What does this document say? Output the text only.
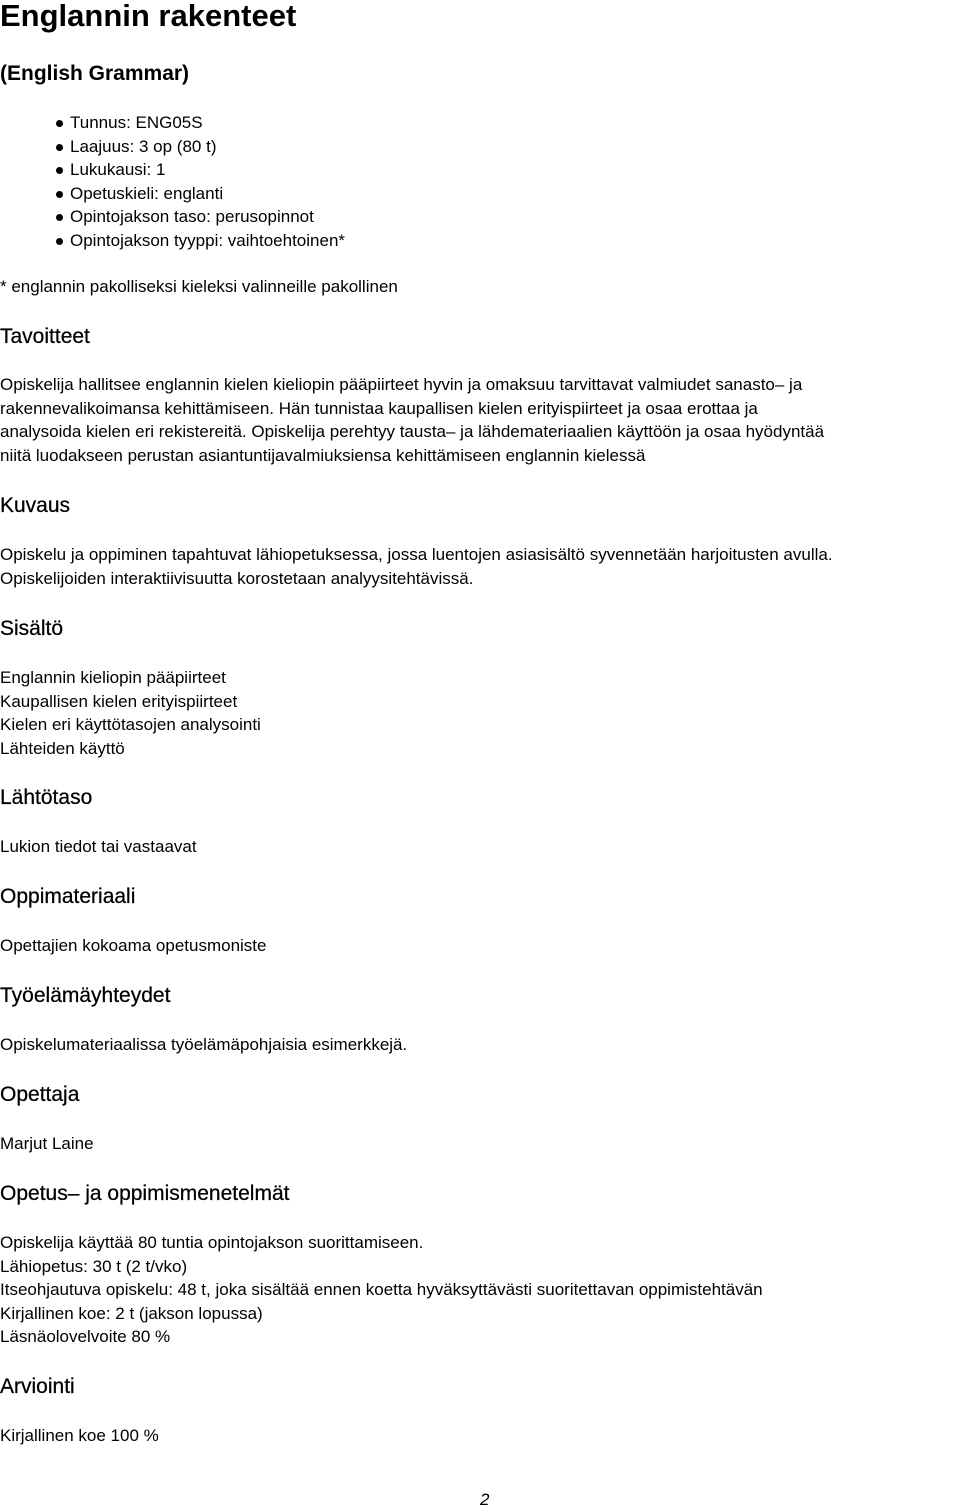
Englannin rakenteet
(English Grammar)
Tunnus: ENG05S
Laajuus: 3 op (80 t)
Lukukausi: 1
Opetuskieli: englanti
Opintojakson taso: perusopinnot
Opintojakson tyyppi: vaihtoehtoinen*
* englannin pakolliseksi kieleksi valinneille pakollinen
Tavoitteet
Opiskelija hallitsee englannin kielen kieliopin pääpiirteet hyvin ja omaksuu tarvittavat valmiudet sanasto– ja
rakennevalikoimansa kehittämiseen. Hän tunnistaa kaupallisen kielen erityispiirteet ja osaa erottaa ja
analysoida kielen eri rekistereitä. Opiskelija perehtyy tausta– ja lähdemateriaalien käyttöön ja osaa hyödyntää
niitä luodakseen perustan asiantuntijavalmiuksiensa kehittämiseen englannin kielessä
Kuvaus
Opiskelu ja oppiminen tapahtuvat lähiopetuksessa, jossa luentojen asiasisältö syvennetään harjoitusten avulla.
Opiskelijoiden interaktiivisuutta korostetaan analyysitehtävissä.
Sisältö
Englannin kieliopin pääpiirteet
Kaupallisen kielen erityispiirteet
Kielen eri käyttötasojen analysointi
Lähteiden käyttö
Lähtötaso
Lukion tiedot tai vastaavat
Oppimateriaali
Opettajien kokoama opetusmoniste
Työelämäyhteydet
Opiskelumateriaalissa työelämäpohjaisia esimerkkejä.
Opettaja
Marjut Laine
Opetus– ja oppimismenetelmät
Opiskelija käyttää 80 tuntia opintojakson suorittamiseen.
Lähiopetus: 30 t (2 t/vko)
Itseohjautuva opiskelu: 48 t, joka sisältää ennen koetta hyväksyttävästi suoritettavan oppimistehtävän
Kirjallinen koe: 2 t (jakson lopussa)
Läsnäolovelvoite 80 %
Arviointi
Kirjallinen koe 100 %
2
